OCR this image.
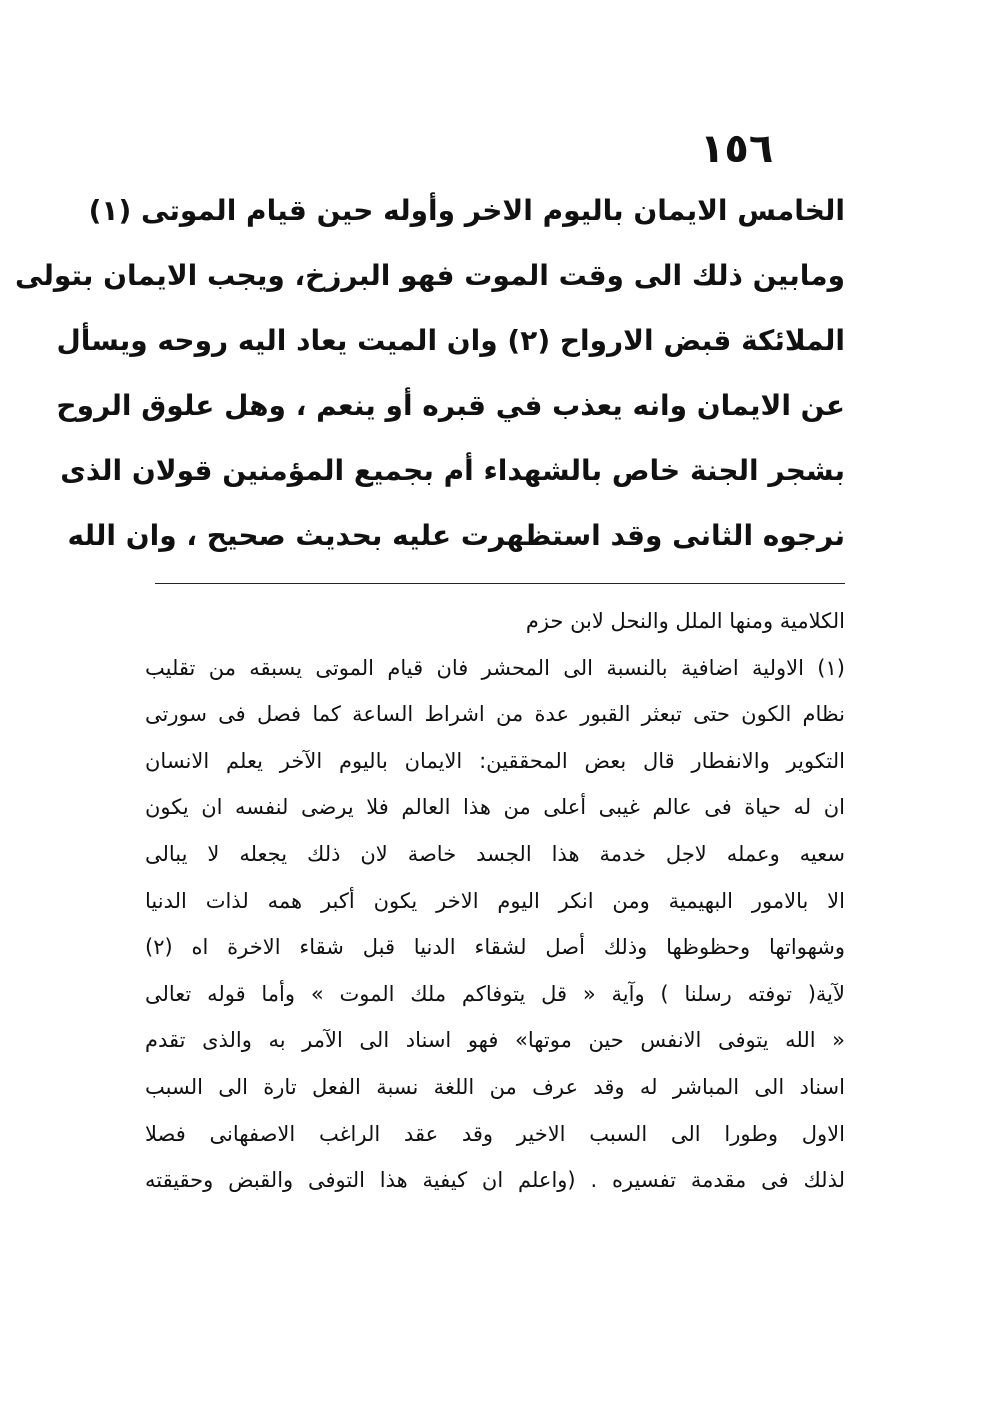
١٥٦
الخامس الايمان باليوم الاخر وأوله حين قيام الموتى (١)
ومابين ذلك الى وقت الموت فهو البرزخ، ويجب الايمان بتولى
الملائكة قبض الارواح (٢) وان الميت يعاد اليه روحه ويسأل
عن الايمان وانه يعذب في قبره أو ينعم ، وهل علوق الروح
بشجر الجنة خاص بالشهداء أم بجميع المؤمنين قولان الذى
نرجوه الثانى وقد استظهرت عليه بحديث صحيح ، وان الله
الكلامية ومنها الملل والنحل لابن حزم
(١) الاولية اضافية بالنسبة الى المحشر فان قيام الموتى يسبقه من تقليب
نظام الكون حتى تبعثر القبور عدة من اشراط الساعة كما فصل فى سورتى
التكوير والانفطار قال بعض المحققين: الايمان باليوم الآخر يعلم الانسان
ان له حياة فى عالم غيبى أعلى من هذا العالم فلا يرضى لنفسه ان يكون
سعيه وعمله لاجل خدمة هذا الجسد خاصة لان ذلك يجعله لا يبالى
الا بالامور البهيمية ومن انكر اليوم الاخر يكون أكبر همه لذات الدنيا
وشهواتها وحظوظها وذلك أصل لشقاء الدنيا قبل شقاء الاخرة اه (٢)
لآية( توفته رسلنا ) وآية « قل يتوفاكم ملك الموت » وأما قوله تعالى
« الله يتوفى الانفس حين موتها» فهو اسناد الى الآمر به والذى تقدم
اسناد الى المباشر له وقد عرف من اللغة نسبة الفعل تارة الى السبب
الاول وطورا الى السبب الاخير وقد عقد الراغب الاصفهانى فصلا
لذلك فى مقدمة تفسيره . (واعلم ان كيفية هذا التوفى والقبض وحقيقته
